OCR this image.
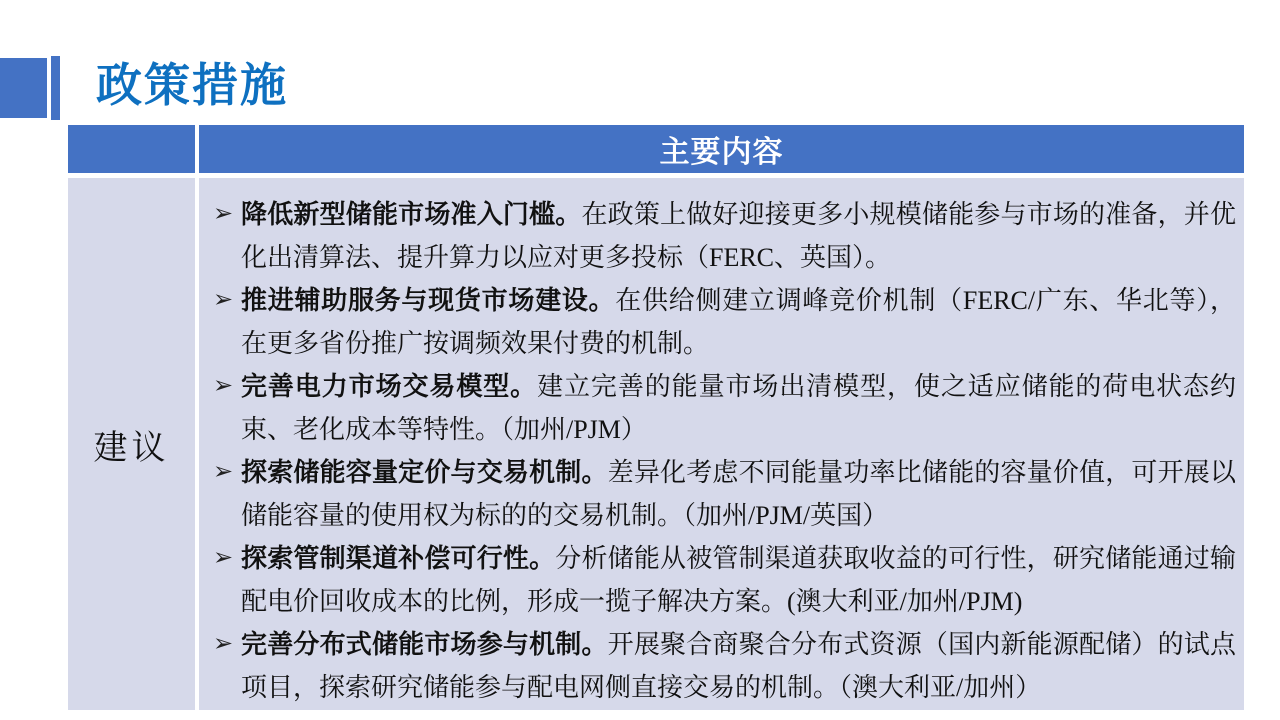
政策措施
主要内容
建议
➢ 降低新型储能市场准入门槛。在政策上做好迎接更多小规模储能参与市场的准备，并优化出清算法、提升算力以应对更多投标（FERC、英国）。
➢ 推进辅助服务与现货市场建设。在供给侧建立调峰竞价机制（FERC/广东、华北等），在更多省份推广按调频效果付费的机制。
➢ 完善电力市场交易模型。建立完善的能量市场出清模型，使之适应储能的荷电状态约束、老化成本等特性。（加州/PJM）
➢ 探索储能容量定价与交易机制。差异化考虑不同能量功率比储能的容量价值，可开展以储能容量的使用权为标的的交易机制。（加州/PJM/英国）
➢ 探索管制渠道补偿可行性。分析储能从被管制渠道获取收益的可行性，研究储能通过输配电价回收成本的比例，形成一揽子解决方案。(澳大利亚/加州/PJM)
➢ 完善分布式储能市场参与机制。开展聚合商聚合分布式资源（国内新能源配储）的试点项目，探索研究储能参与配电网侧直接交易的机制。（澳大利亚/加州）
